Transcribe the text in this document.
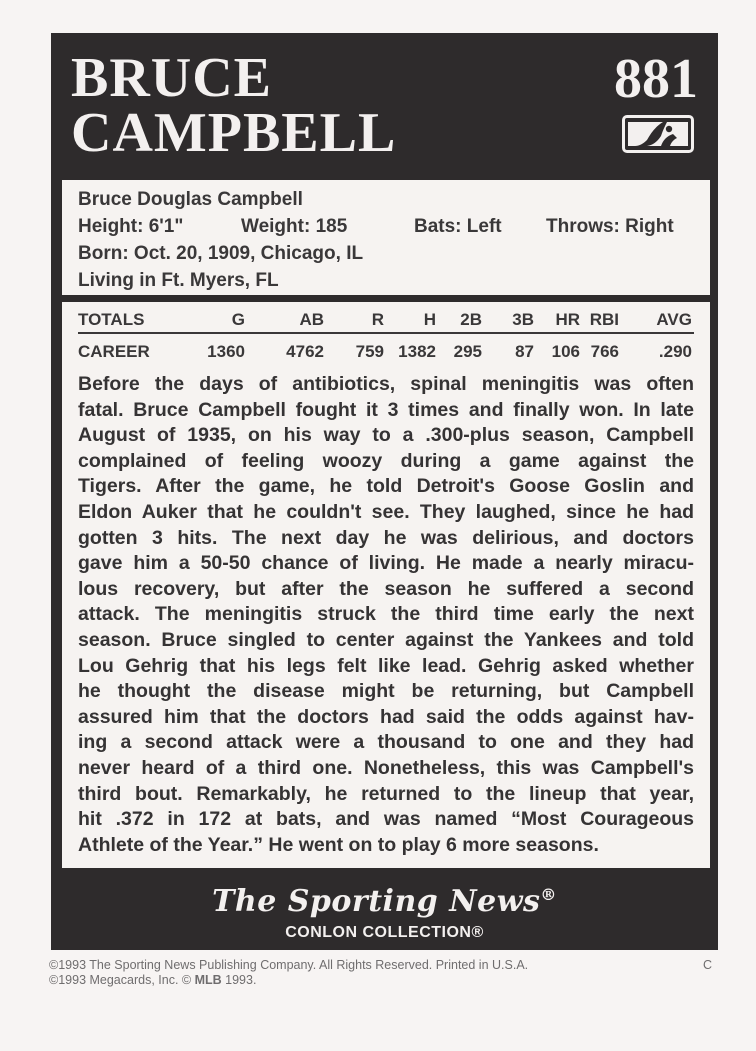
BRUCE
CAMPBELL
881
Bruce Douglas Campbell
Height: 6'1"	Weight: 185	Bats: Left Throws: Right
Born: Oct. 20, 1909, Chicago, IL
Living in Ft. Myers, FL
TOTALS	G	AB	R H 2B 3B HR RBI AVG
CAREER	1360 4762 759 1382 295 87 106 766 .290
Before the days of antibiotics, spinal meningitis was often
fatal. Bruce Campbell fought it 3 times and finally won. In late
August of 1935, on his way to a .300-plus season, Campbell
complained of feeling woozy during a game against the
Tigers. After the game, he told Detroit's Goose Goslin and
Eldon Auker that he couldn't see. They laughed, since he had
gotten 3 hits. The next day he was delirious, and doctors
gave him a 50-50 chance of living. He made a nearly miracu-
lous recovery, but after the season he suffered a second
attack. The meningitis struck the third time early the next
season. Bruce singled to center against the Yankees and told
Lou Gehrig that his legs felt like lead. Gehrig asked whether
he thought the disease might be returning, but Campbell
assured him that the doctors had said the odds against hav-
ing a second attack were a thousand to one and they had
never heard of a third one. Nonetheless, this was Campbell's
third bout. Remarkably, he returned to the lineup that year,
hit .372 in 172 at bats, and was named “Most Courageous
Athlete of the Year.” He went on to play 6 more seasons.
The Sporting News®
CONLON COLLECTION®
©1993 The Sporting News Publishing Company. All Rights Reserved. Printed in U.S.A.
©1993 Megacards, Inc. © MLB 1993.
C
